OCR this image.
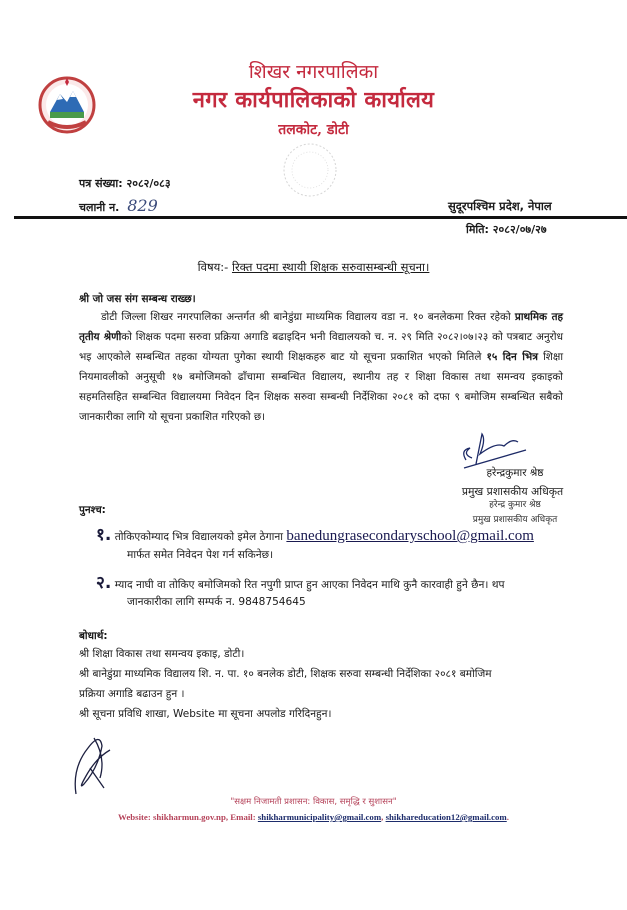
शिखर नगरपालिका
नगर कार्यपालिकाको कार्यालय
तलकोट, डोटी
पत्र संख्या: २०८२/०८३
चलानी न. 829	सुदूरपश्चिम प्रदेश, नेपाल
मिति: २०८२/०७/२७
विषय:- रिक्त पदमा स्थायी शिक्षक सरुवासम्बन्धी सूचना।
श्री जो जस संग सम्बन्ध राख्छ।
डोटी जिल्ला शिखर नगरपालिका अन्तर्गत श्री बानेडुंग्रा माध्यमिक विद्यालय वडा न. १० बनलेकमा रिक्त रहेको प्राथमिक तह तृतीय श्रेणीको शिक्षक पदमा सरुवा प्रक्रिया अगाडि बढाइदिन भनी विद्यालयको च. न. २९ मिति २०८२।०७।२३ को पत्रबाट अनुरोध भइ आएकोले सम्बन्धित तहका योग्यता पुगेका स्थायी शिक्षकहरु बाट यो सूचना प्रकाशित भएको मितिले १५ दिन भित्र शिक्षा नियमावलीको अनुसूची १७ बमोजिमको ढाँचामा सम्बन्धित विद्यालय, स्थानीय तह र शिक्षा विकास तथा समन्वय इकाइको सहमतिसहित सम्बन्धित विद्यालयमा निवेदन दिन शिक्षक सरुवा सम्बन्धी निर्देशिका २०८१ को दफा ९ बमोजिम सम्बन्धित सबैको जानकारीका लागि यो सूचना प्रकाशित गरिएको छ।
हरेन्द्रकुमार श्रेष्ठ
प्रमुख प्रशासकीय अधिकृत
हरेन्द्र कुमार श्रेष्ठ
प्रमुख प्रशासकीय अधिकृत
पुनश्च:
१. तोकिएकोम्याद भित्र विद्यालयको इमेल ठेगाना banedungrasecondaryschool@gmail.com
मार्फत समेत निवेदन पेश गर्न सकिनेछ।
२. म्याद नाघी वा तोकिए बमोजिमको रित नपुगी प्राप्त हुन आएका निवेदन माथि कुनै कारवाही हुने छैन। थप
जानकारीका लागि सम्पर्क न. 9848754645
बोधार्थ:
श्री शिक्षा विकास तथा समन्वय इकाइ, डोटी।
श्री बानेडुंग्रा माध्यमिक विद्यालय शि. न. पा. १० बनलेक डोटी, शिक्षक सरुवा सम्बन्धी निर्देशिका २०८१ बमोजिम
प्रक्रिया अगाडि बढाउन हुन ।
श्री सूचना प्रविधि शाखा, Website मा सूचना अपलोड गरिदिनहुन।
"सक्षम निजामती प्रशासन: विकास, समृद्धि र सुशासन"
Website: shikharmun.gov.np, Email: shikharmunicipality@gmail.com, shikhareducation12@gmail.com.
